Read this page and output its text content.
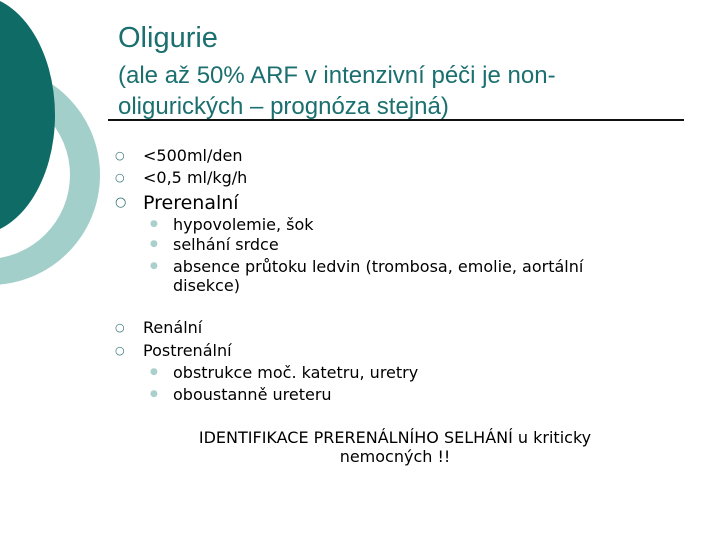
Oligurie

(ale až 50% ARF v intenzivní péči je non-oligurických – prognóza stejná)

○ <500ml/den
○ <0,5 ml/kg/h
○ Prerenalní
● hypovolemie, šok
● selhání srdce
● absence průtoku ledvin (trombosa, emolie, aortální
disekce)
○ Renální
○ Postrenální
● obstrukce moč. katetru, uretry
● oboustanně ureteru
IDENTIFIKACE PRERENÁLNÍHO SELHÁNÍ u kriticky
nemocných !!
